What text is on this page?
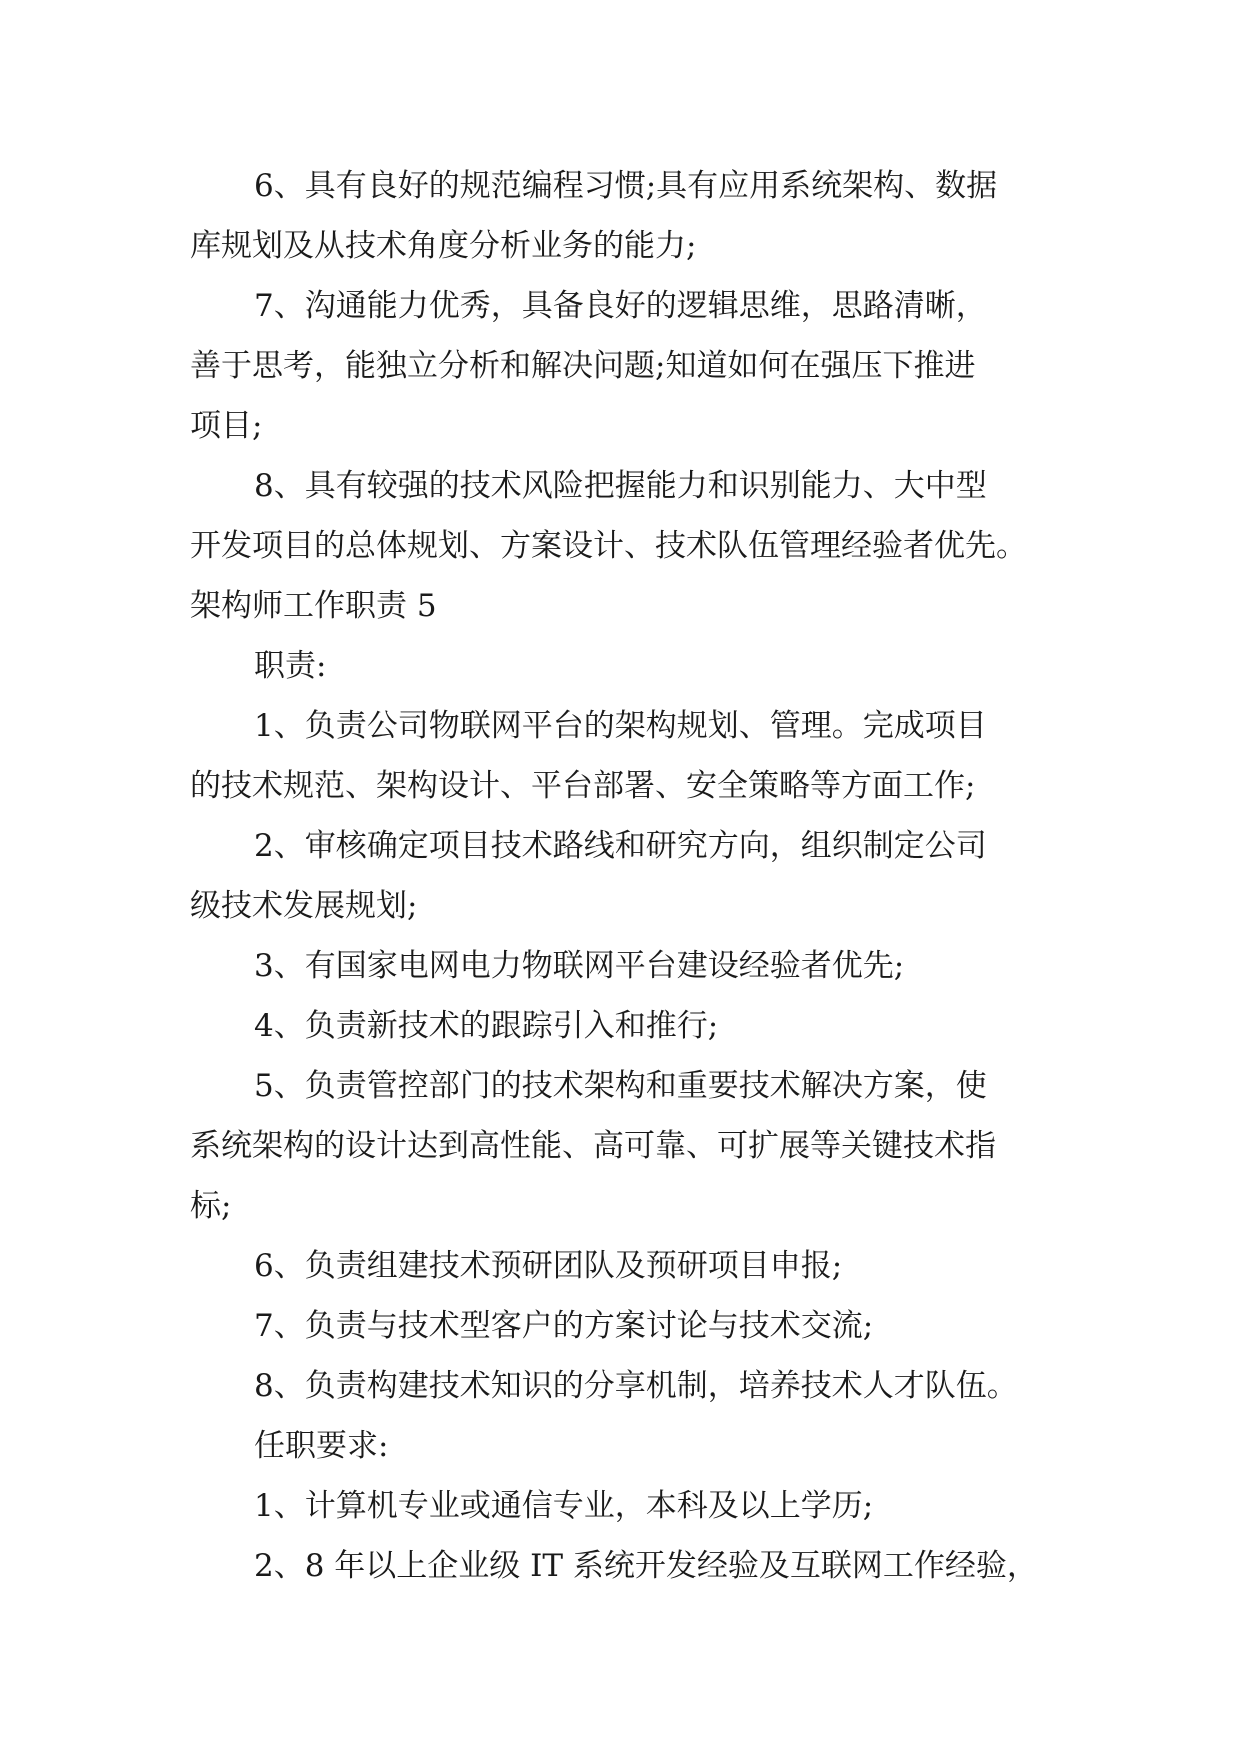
6、具有良好的规范编程习惯;具有应用系统架构、数据
库规划及从技术角度分析业务的能力;
7、沟通能力优秀，具备良好的逻辑思维，思路清晰，
善于思考，能独立分析和解决问题;知道如何在强压下推进
项目;
8、具有较强的技术风险把握能力和识别能力、大中型
开发项目的总体规划、方案设计、技术队伍管理经验者优先。
架构师工作职责 5
职责:
1、负责公司物联网平台的架构规划、管理。完成项目
的技术规范、架构设计、平台部署、安全策略等方面工作;
2、审核确定项目技术路线和研究方向，组织制定公司
级技术发展规划;
3、有国家电网电力物联网平台建设经验者优先;
4、负责新技术的跟踪引入和推行;
5、负责管控部门的技术架构和重要技术解决方案，使
系统架构的设计达到高性能、高可靠、可扩展等关键技术指
标;
6、负责组建技术预研团队及预研项目申报;
7、负责与技术型客户的方案讨论与技术交流;
8、负责构建技术知识的分享机制，培养技术人才队伍。
任职要求:
1、计算机专业或通信专业，本科及以上学历;
2、8 年以上企业级 IT 系统开发经验及互联网工作经验，
